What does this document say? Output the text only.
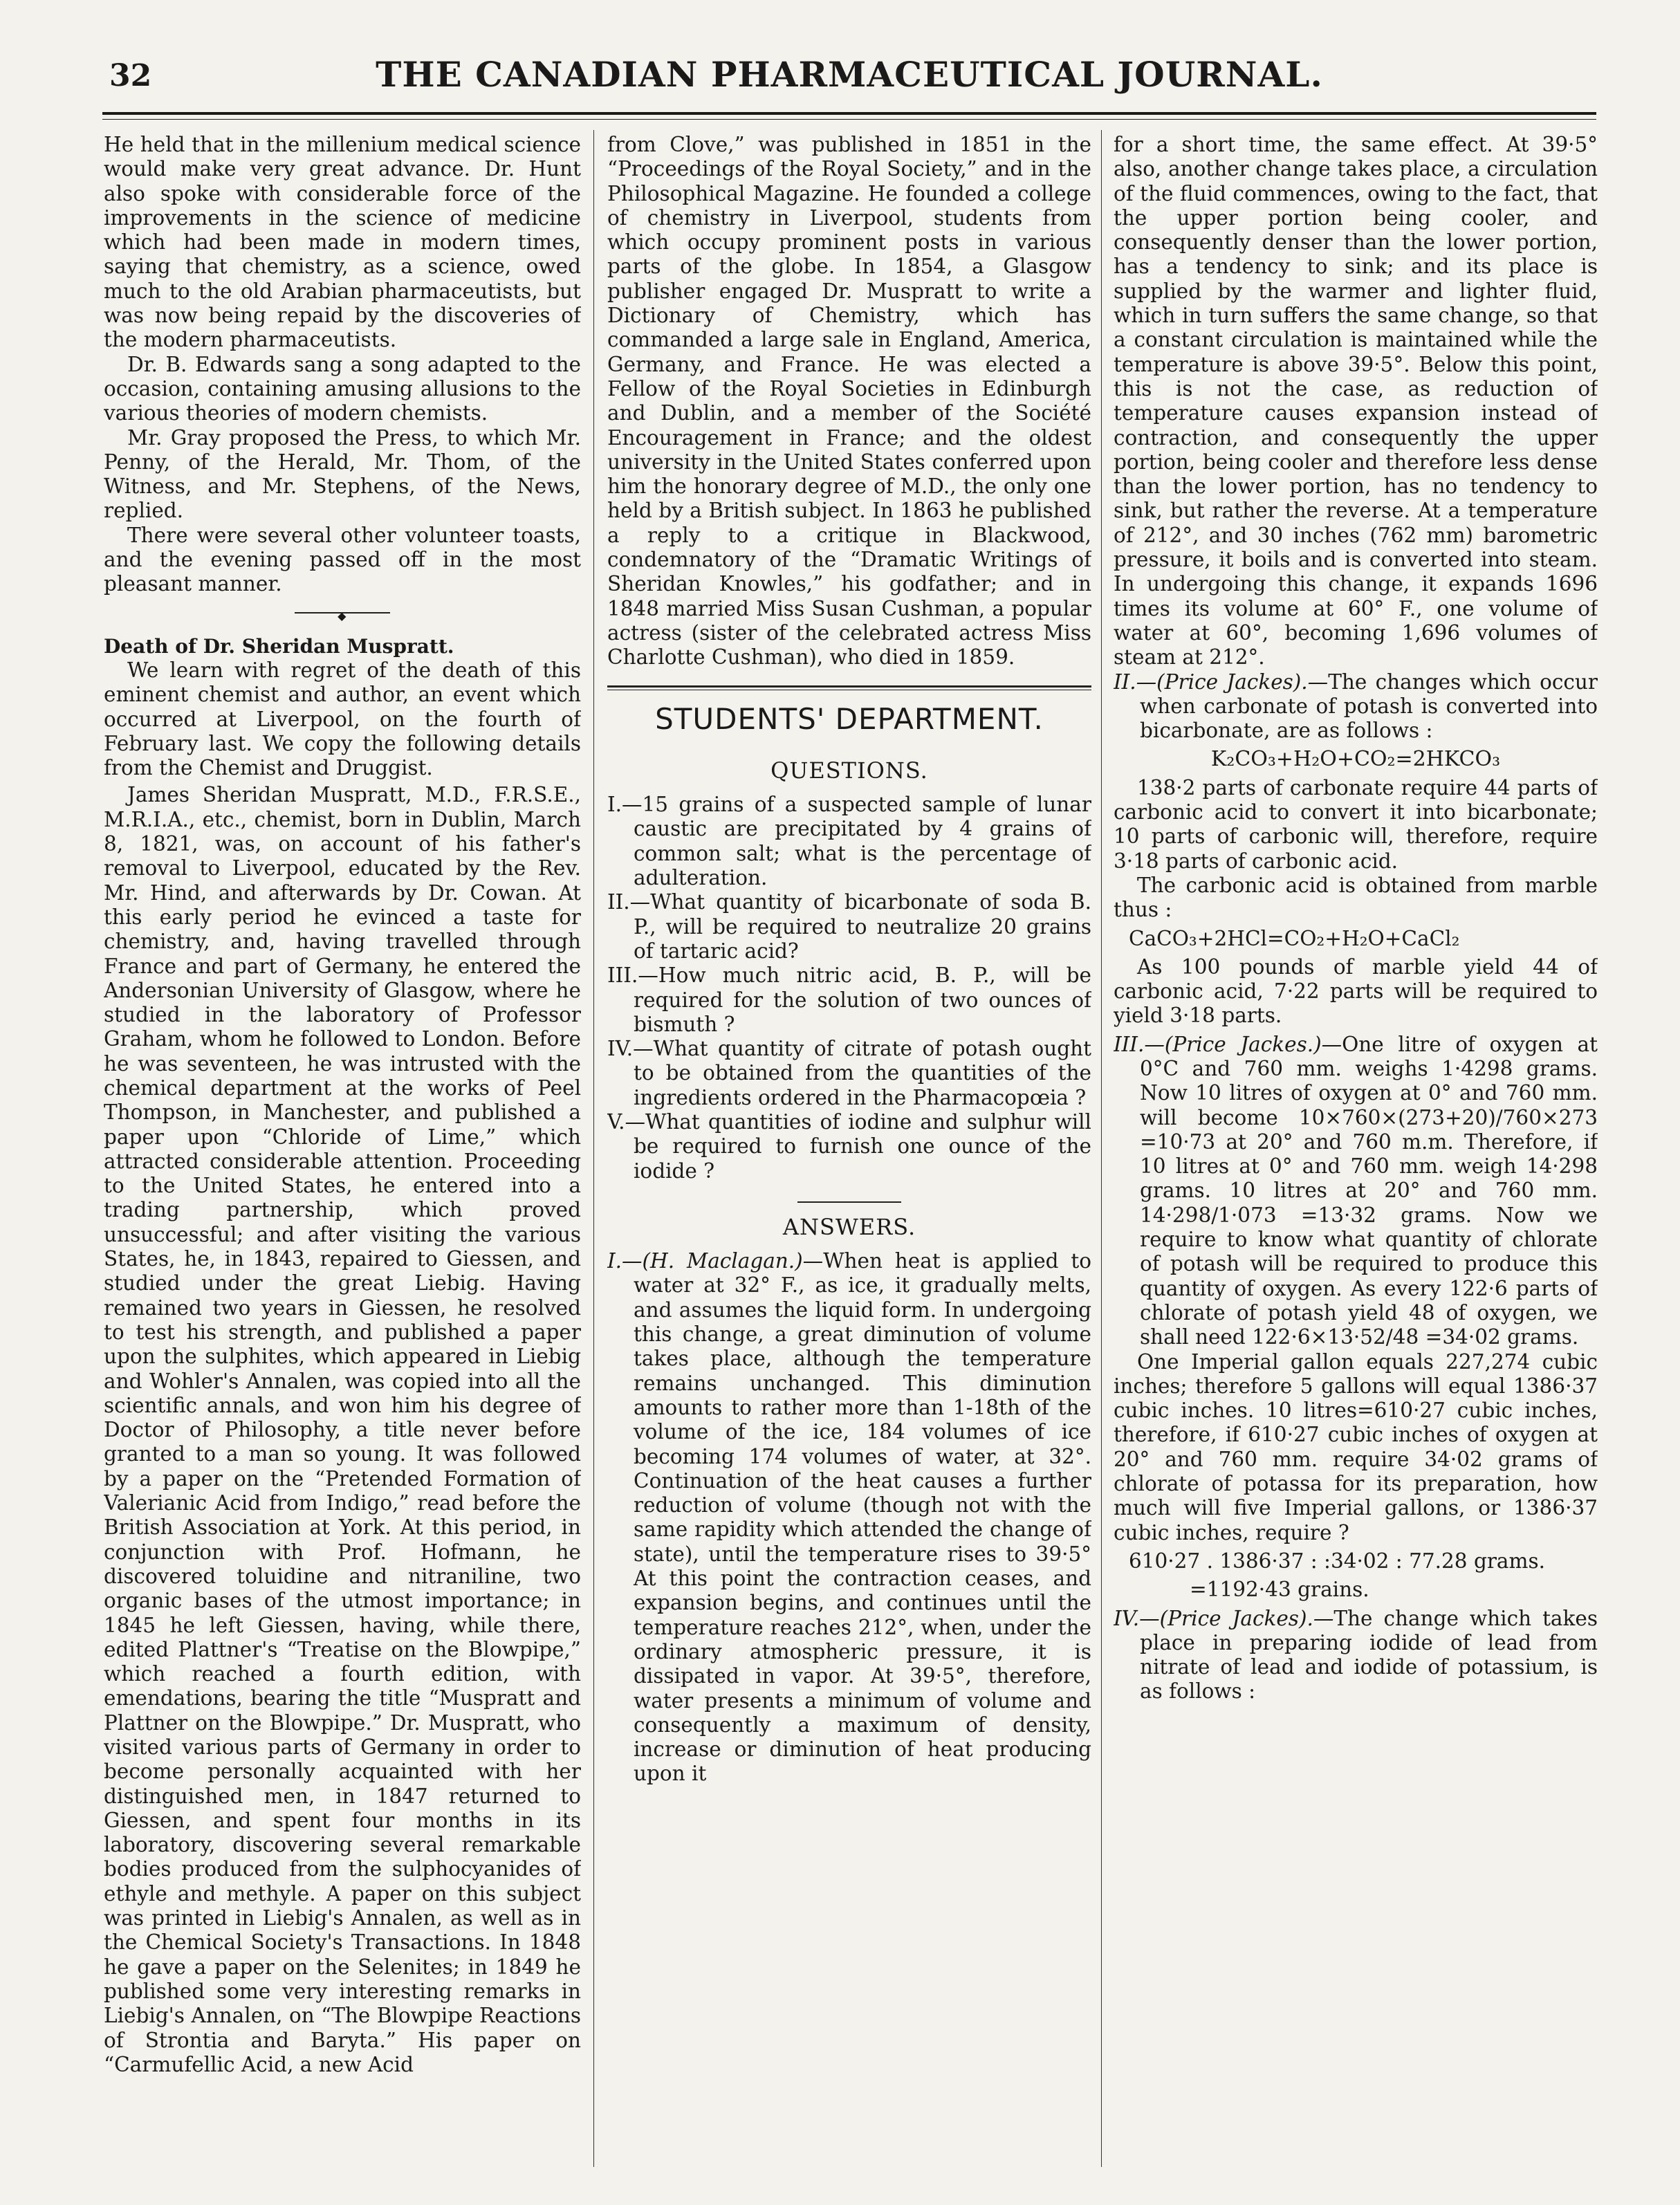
32	THE CANADIAN PHARMACEUTICAL JOURNAL.

He held that in the millenium medical science would make very great advance. Dr. Hunt also spoke with considerable force of the improvements in the science of medicine which had been made in modern times, saying that chemistry, as a science, owed much to the old Arabian pharmaceutists, but was now being repaid by the discoveries of the modern pharmaceutists.

Dr. B. Edwards sang a song adapted to the occasion, containing amusing allusions to the various theories of modern chemists.

Mr. Gray proposed the Press, to which Mr. Penny, of the Herald, Mr. Thom, of the Witness, and Mr. Stephens, of the News, replied.

There were several other volunteer toasts, and the evening passed off in the most pleasant manner.

◆

Death of Dr. Sheridan Muspratt.

We learn with regret of the death of this eminent chemist and author, an event which occurred at Liverpool, on the fourth of February last. We copy the following details from the Chemist and Druggist.

James Sheridan Muspratt, M.D., F.R.S.E., M.R.I.A., etc., chemist, born in Dublin, March 8, 1821, was, on account of his father's removal to Liverpool, educated by the Rev. Mr. Hind, and afterwards by Dr. Cowan. At this early period he evinced a taste for chemistry, and, having travelled through France and part of Germany, he entered the Andersonian University of Glasgow, where he studied in the laboratory of Professor Graham, whom he followed to London. Before he was seventeen, he was intrusted with the chemical department at the works of Peel Thompson, in Manchester, and published a paper upon “Chloride of Lime,” which attracted considerable attention. Proceeding to the United States, he entered into a trading partnership, which proved unsuccessful; and after visiting the various States, he, in 1843, repaired to Giessen, and studied under the great Liebig. Having remained two years in Giessen, he resolved to test his strength, and published a paper upon the sulphites, which appeared in Liebig and Wohler's Annalen, was copied into all the scientific annals, and won him his degree of Doctor of Philosophy, a title never before granted to a man so young. It was followed by a paper on the “Pretended Formation of Valerianic Acid from Indigo,” read before the British Association at York. At this period, in conjunction with Prof. Hofmann, he discovered toluidine and nitraniline, two organic bases of the utmost importance; in 1845 he left Giessen, having, while there, edited Plattner's “Treatise on the Blowpipe,” which reached a fourth edition, with emendations, bearing the title “Muspratt and Plattner on the Blowpipe.” Dr. Muspratt, who visited various parts of Germany in order to become personally acquainted with her distinguished men, in 1847 returned to Giessen, and spent four months in its laboratory, discovering several remarkable bodies produced from the sulphocyanides of ethyle and methyle. A paper on this subject was printed in Liebig's Annalen, as well as in the Chemical Society's Transactions. In 1848 he gave a paper on the Selenites; in 1849 he published some very interesting remarks in Liebig's Annalen, on “The Blowpipe Reactions of Strontia and Baryta.” His paper on “Carmufellic Acid, a new Acid

from Clove,” was published in 1851 in the “Proceedings of the Royal Society,” and in the Philosophical Magazine. He founded a college of chemistry in Liverpool, students from which occupy prominent posts in various parts of the globe. In 1854, a Glasgow publisher engaged Dr. Muspratt to write a Dictionary of Chemistry, which has commanded a large sale in England, America, Germany, and France. He was elected a Fellow of the Royal Societies in Edinburgh and Dublin, and a member of the Société Encouragement in France; and the oldest university in the United States conferred upon him the honorary degree of M.D., the only one held by a British subject. In 1863 he published a reply to a critique in Blackwood, condemnatory of the “Dramatic Writings of Sheridan Knowles,” his godfather; and in 1848 married Miss Susan Cushman, a popular actress (sister of the celebrated actress Miss Charlotte Cushman), who died in 1859.

STUDENTS' DEPARTMENT.
QUESTIONS.

I.—15 grains of a suspected sample of lunar caustic are precipitated by 4 grains of common salt; what is the percentage of adulteration.

II.—What quantity of bicarbonate of soda B. P., will be required to neutralize 20 grains of tartaric acid?

III.—How much nitric acid, B. P., will be required for the solution of two ounces of bismuth ?

IV.—What quantity of citrate of potash ought to be obtained from the quantities of the ingredients ordered in the Pharmacopœia ?

V.—What quantities of iodine and sulphur will be required to furnish one ounce of the iodide ?

ANSWERS.

I.—(H. Maclagan.)—When heat is applied to water at 32° F., as ice, it gradually melts, and assumes the liquid form. In undergoing this change, a great diminution of volume takes place, although the temperature remains unchanged. This diminution amounts to rather more than 1-18th of the volume of the ice, 184 volumes of ice becoming 174 volumes of water, at 32°. Continuation of the heat causes a further reduction of volume (though not with the same rapidity which attended the change of state), until the temperature rises to 39·5° At this point the contraction ceases, and expansion begins, and continues until the temperature reaches 212°, when, under the ordinary atmospheric pressure, it is dissipated in vapor. At 39·5°, therefore, water presents a minimum of volume and consequently a maximum of density, increase or diminution of heat producing upon it

for a short time, the same effect. At 39·5° also, another change takes place, a circulation of the fluid commences, owing to the fact, that the upper portion being cooler, and consequently denser than the lower portion, has a tendency to sink; and its place is supplied by the warmer and lighter fluid, which in turn suffers the same change, so that a constant circulation is maintained while the temperature is above 39·5°. Below this point, this is not the case, as reduction of temperature causes expansion instead of contraction, and consequently the upper portion, being cooler and therefore less dense than the lower portion, has no tendency to sink, but rather the reverse. At a temperature of 212°, and 30 inches (762 mm) barometric pressure, it boils and is converted into steam. In undergoing this change, it expands 1696 times its volume at 60° F., one volume of water at 60°, becoming 1,696 volumes of steam at 212°.

II.—(Price Jackes).—The changes which occur when carbonate of potash is converted into bicarbonate, are as follows :

K₂CO₃+H₂O+CO₂=2HKCO₃

138·2 parts of carbonate require 44 parts of carbonic acid to convert it into bicarbonate; 10 parts of carbonic will, therefore, require 3·18 parts of carbonic acid.

The carbonic acid is obtained from marble thus :

CaCO₃+2HCl=CO₂+H₂O+CaCl₂

As 100 pounds of marble yield 44 of carbonic acid, 7·22 parts will be required to yield 3·18 parts.

III.—(Price Jackes.)—One litre of oxygen at 0°C and 760 mm. weighs 1·4298 grams. Now 10 litres of oxygen at 0° and 760 mm. will become 10×760×(273+20)/760×273 =10·73 at 20° and 760 m.m. Therefore, if 10 litres at 0° and 760 mm. weigh 14·298 grams. 10 litres at 20° and 760 mm. 14·298/1·073 =13·32 grams. Now we require to know what quantity of chlorate of potash will be required to produce this quantity of oxygen. As every 122·6 parts of chlorate of potash yield 48 of oxygen, we shall need 122·6×13·52/48 =34·02 grams.

One Imperial gallon equals 227,274 cubic inches; therefore 5 gallons will equal 1386·37 cubic inches. 10 litres=610·27 cubic inches, therefore, if 610·27 cubic inches of oxygen at 20° and 760 mm. require 34·02 grams of chlorate of potassa for its preparation, how much will five Imperial gallons, or 1386·37 cubic inches, require ?

610·27 . 1386·37 : :34·02 : 77.28 grams.
=1192·43 grains.

IV.—(Price Jackes).—The change which takes place in preparing iodide of lead from nitrate of lead and iodide of potassium, is as follows :
